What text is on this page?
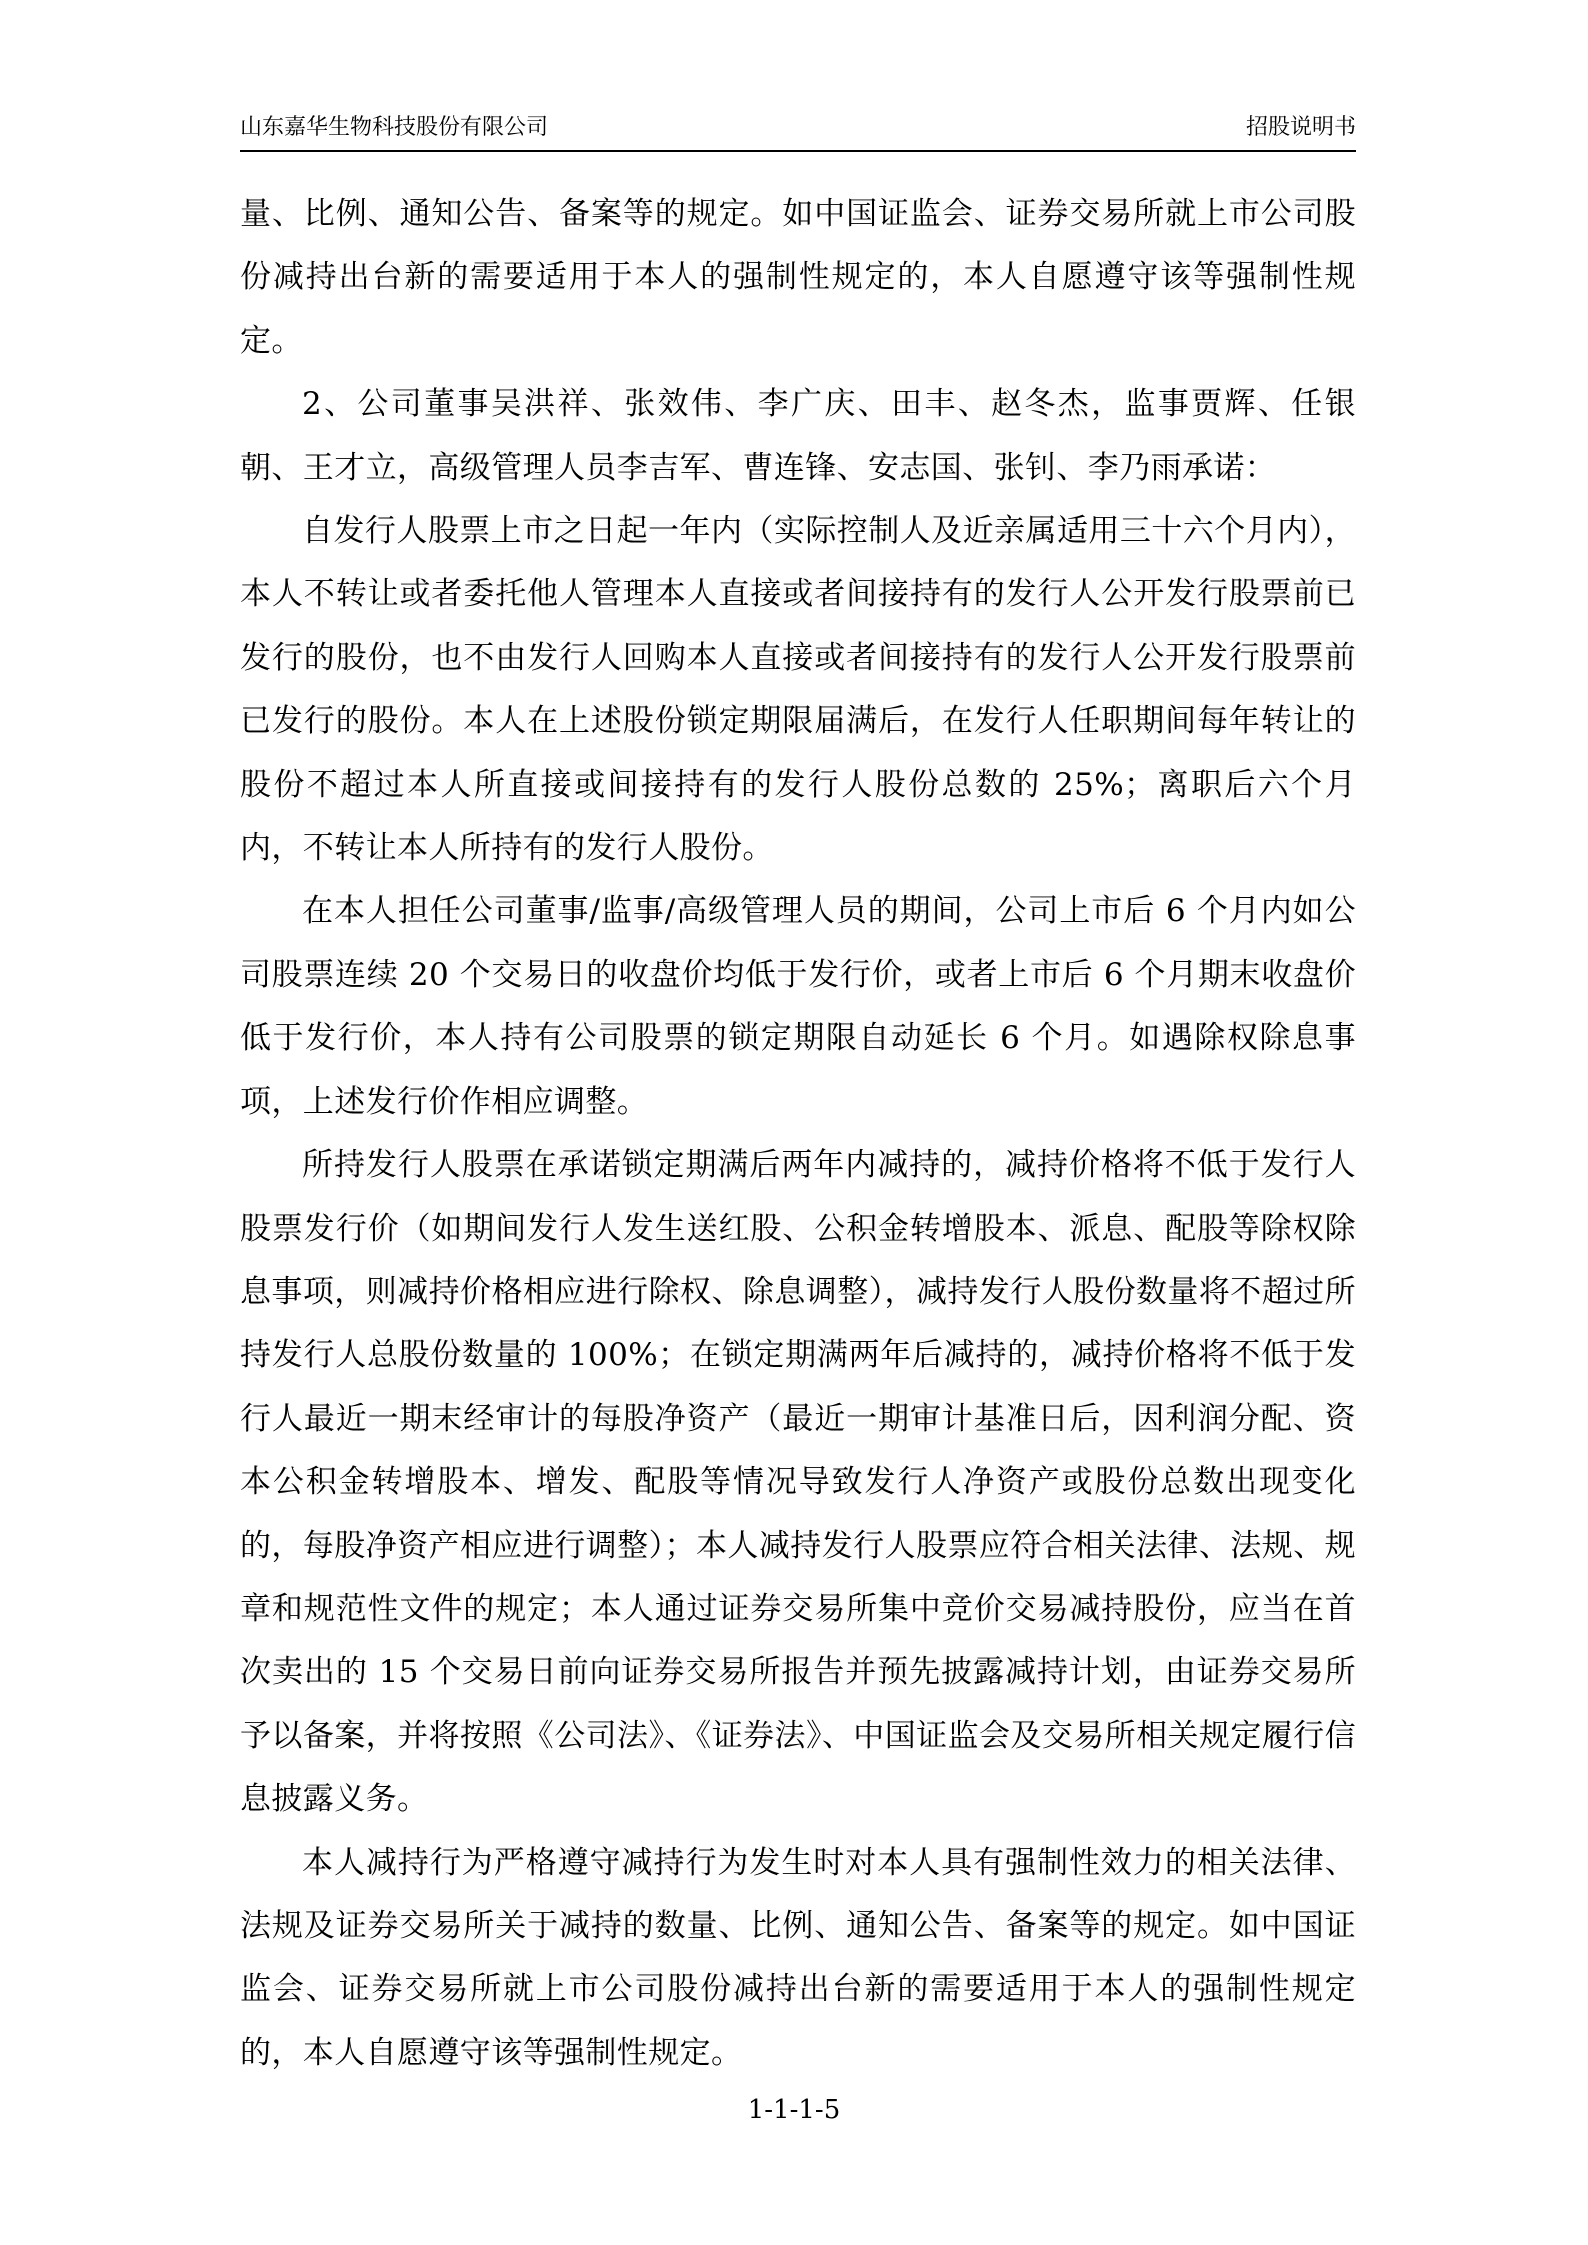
山东嘉华生物科技股份有限公司	招股说明书

量、比例、通知公告、备案等的规定。如中国证监会、证券交易所就上市公司股份减持出台新的需要适用于本人的强制性规定的，本人自愿遵守该等强制性规定。

2、公司董事吴洪祥、张效伟、李广庆、田丰、赵冬杰，监事贾辉、任银朝、王才立，高级管理人员李吉军、曹连锋、安志国、张钊、李乃雨承诺：

自发行人股票上市之日起一年内（实际控制人及近亲属适用三十六个月内），本人不转让或者委托他人管理本人直接或者间接持有的发行人公开发行股票前已发行的股份，也不由发行人回购本人直接或者间接持有的发行人公开发行股票前已发行的股份。本人在上述股份锁定期限届满后，在发行人任职期间每年转让的股份不超过本人所直接或间接持有的发行人股份总数的 25%；离职后六个月内，不转让本人所持有的发行人股份。

在本人担任公司董事/监事/高级管理人员的期间，公司上市后 6 个月内如公司股票连续 20 个交易日的收盘价均低于发行价，或者上市后 6 个月期末收盘价低于发行价，本人持有公司股票的锁定期限自动延长 6 个月。如遇除权除息事项，上述发行价作相应调整。

所持发行人股票在承诺锁定期满后两年内减持的，减持价格将不低于发行人股票发行价（如期间发行人发生送红股、公积金转增股本、派息、配股等除权除息事项，则减持价格相应进行除权、除息调整），减持发行人股份数量将不超过所持发行人总股份数量的 100%；在锁定期满两年后减持的，减持价格将不低于发行人最近一期末经审计的每股净资产（最近一期审计基准日后，因利润分配、资本公积金转增股本、增发、配股等情况导致发行人净资产或股份总数出现变化的，每股净资产相应进行调整）；本人减持发行人股票应符合相关法律、法规、规章和规范性文件的规定；本人通过证券交易所集中竞价交易减持股份，应当在首次卖出的 15 个交易日前向证券交易所报告并预先披露减持计划，由证券交易所予以备案，并将按照《公司法》、《证券法》、中国证监会及交易所相关规定履行信息披露义务。

本人减持行为严格遵守减持行为发生时对本人具有强制性效力的相关法律、法规及证券交易所关于减持的数量、比例、通知公告、备案等的规定。如中国证监会、证券交易所就上市公司股份减持出台新的需要适用于本人的强制性规定的，本人自愿遵守该等强制性规定。

1-1-1-5
